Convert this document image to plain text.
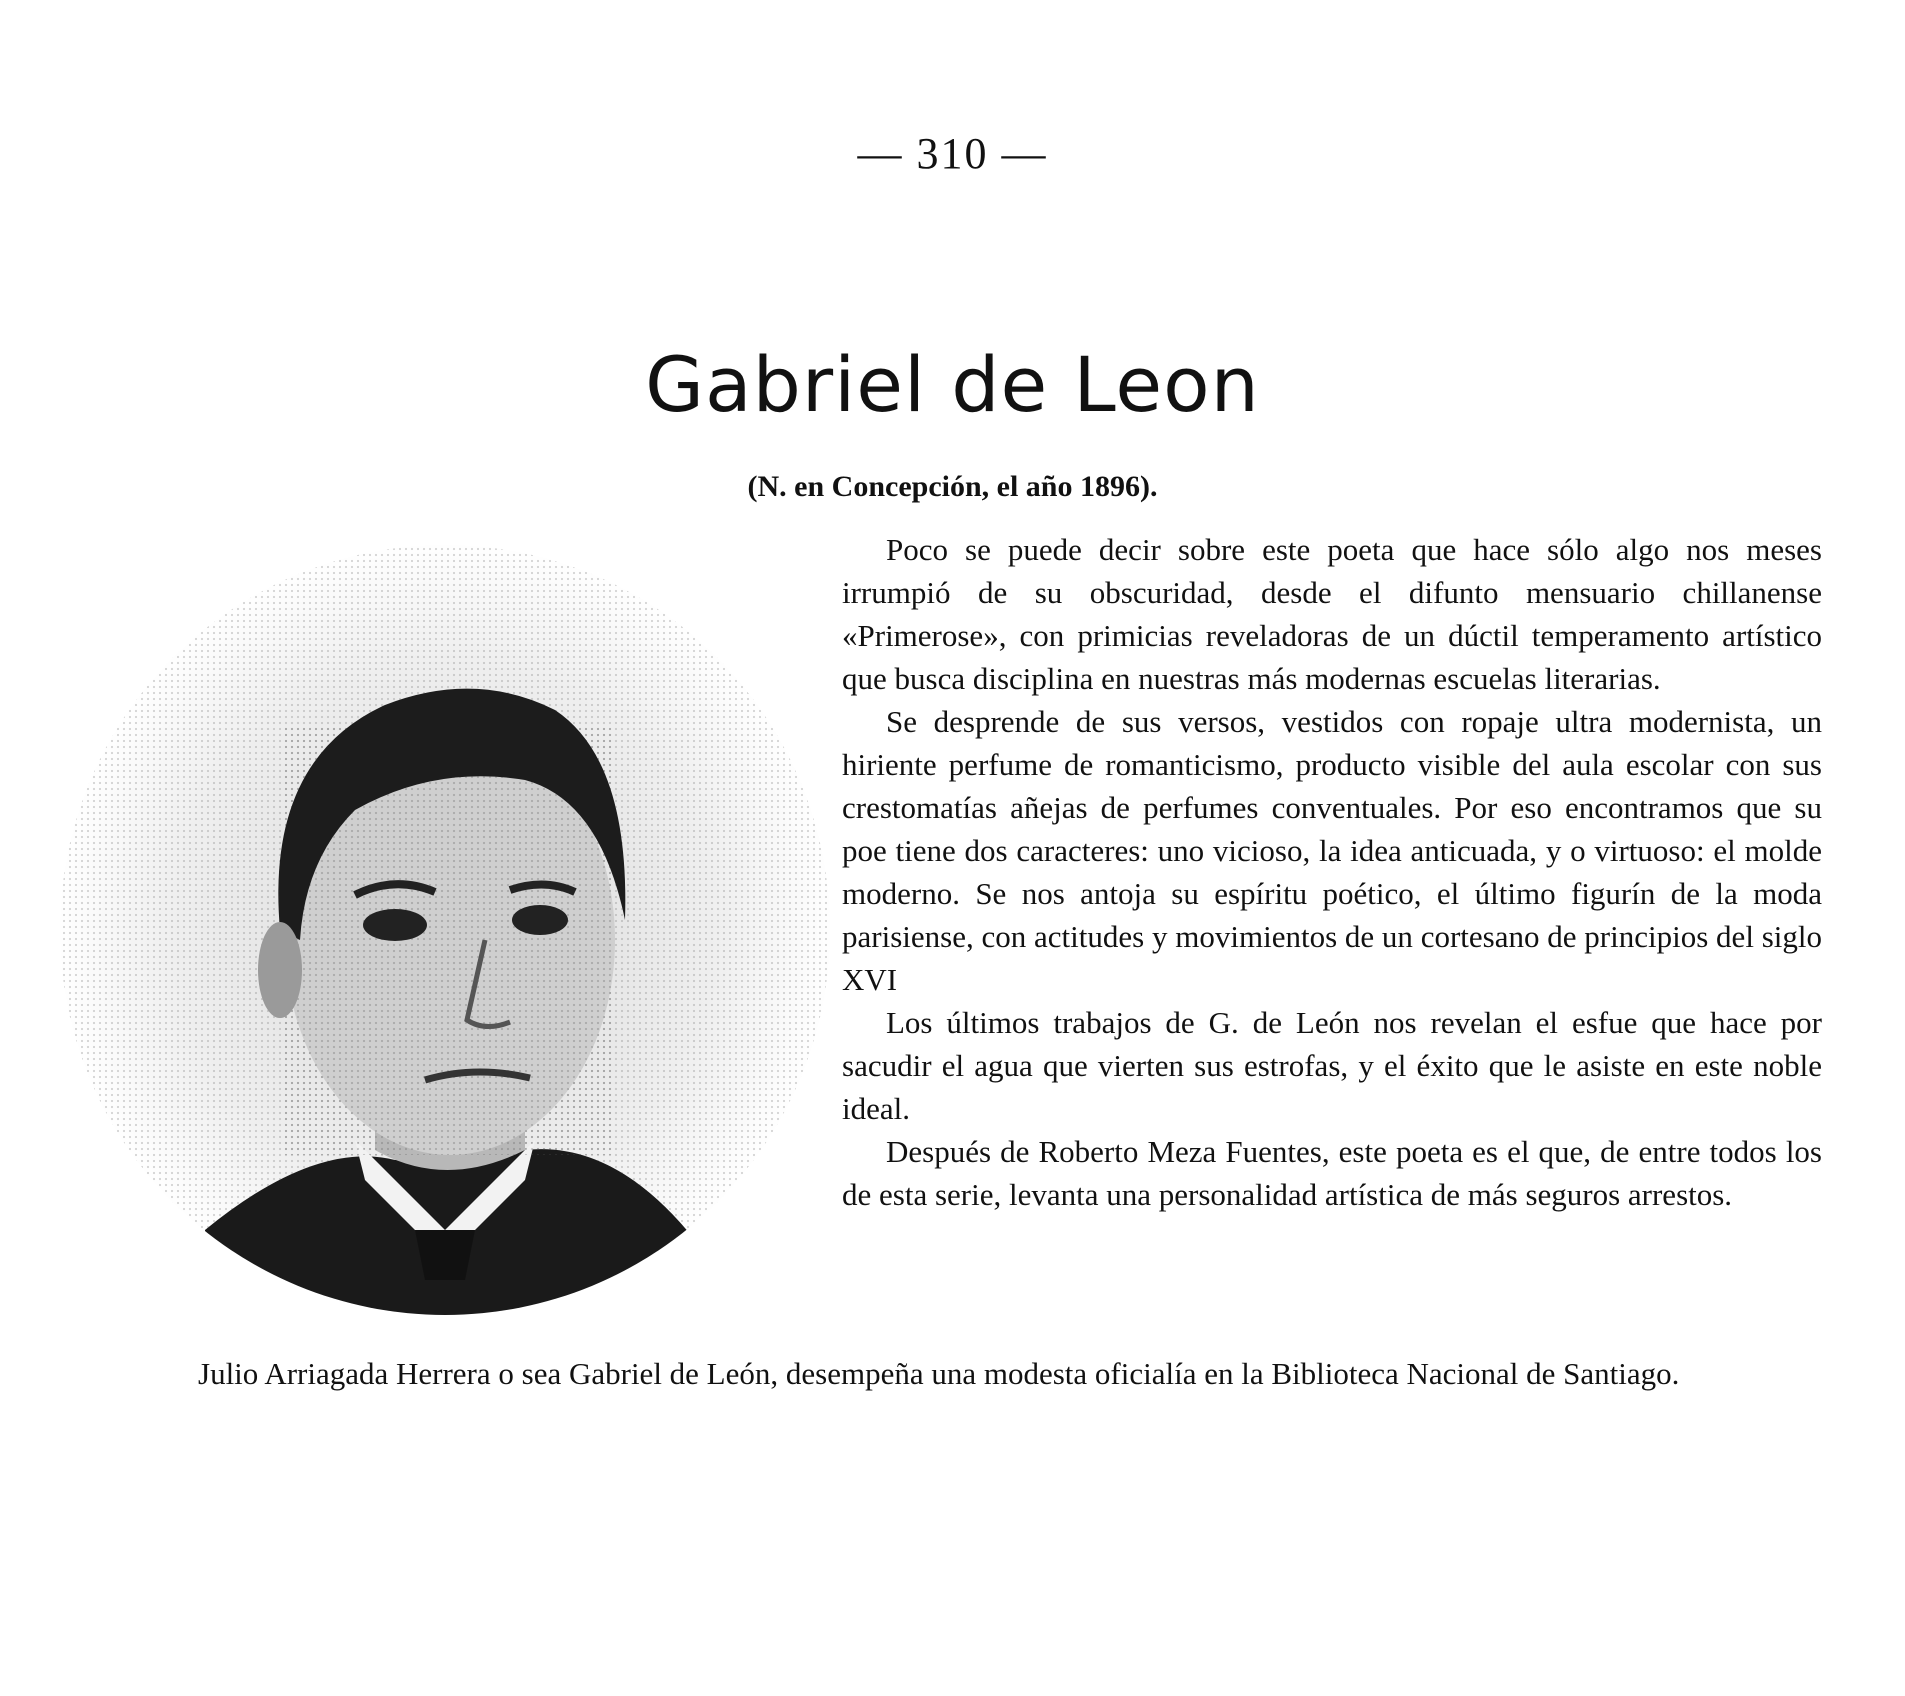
— 310 —
Gabriel de Leon
(N. en Concepción, el año 1896).

Poco se puede decir sobre este poeta que hace sólo algo nos meses irrumpió de su obscuridad, desde el difunto mensuario chillanense «Primerose», con primicias reveladoras de un dúctil temperamento artístico que busca disciplina en nuestras más modernas escuelas literarias.

Se desprende de sus versos, vestidos con ropaje ultra modernista, un hiriente perfume de romanticismo, producto visible del aula escolar con sus crestomatías añejas de perfumes conventuales. Por eso encontramos que su poe tiene dos caracteres: uno vicioso, la idea anticuada, y o virtuoso: el molde moderno. Se nos antoja su espíritu poético, el último figurín de la moda parisiense, con actitudes y movimientos de un cortesano de principios del siglo XVI

Los últimos trabajos de G. de León nos revelan el esfue que hace por sacudir el agua que vierten sus estrofas, y el éxito que le asiste en este noble ideal.

Después de Roberto Meza Fuentes, este poeta es el que, de entre todos los de esta serie, levanta una personalidad artística de más seguros arrestos.

Julio Arriagada Herrera o sea Gabriel de León, desempeña una modesta oficialía en la Biblioteca Nacional de Santiago.
